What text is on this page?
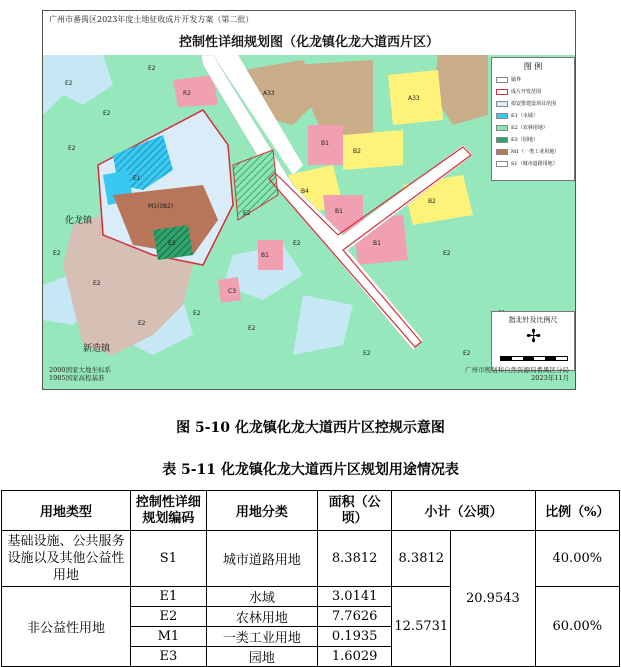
广州市番禺区2023年度土地征收成片开发方案（第二批）
控制性详细规划图（化龙镇化龙大道西片区）
E2
E2
E2
E2
E2
E2
E2
E2
E2
E2
E2
E2
E2
E2
E1
E3
M1(082)
B1
B1
B1
B1
B2
B2
B4
A33
A33
R2
C3
化龙镇
新造镇
图 例
镇界
成片开发范围
拟安排建设项目范围
E1（水域）
E2（农林用地）
E3（园地）
M1（一类工业用地）
S1（城市道路用地）
指北针及比例尺
✢
2000国家大地坐标系
1985国家高程基准
广州市规划和自然资源局番禺区分局
2023年11月
图 5-10 化龙镇化龙大道西片区控规示意图
表 5-11 化龙镇化龙大道西片区规划用途情况表
用地类型	控制性详细规划编码	用地分类	面积（公顷）	小计（公顷）		比例（%）
基础设施、公共服务设施以及其他公益性用地	S1	城市道路用地	8.3812	8.3812	20.9543	40.00%
非公益性用地	E1	水域	3.0141	12.5731		60.00%
	E2	农林用地	7.7626			
	M1	一类工业用地	0.1935			
	E3	园地	1.6029			
